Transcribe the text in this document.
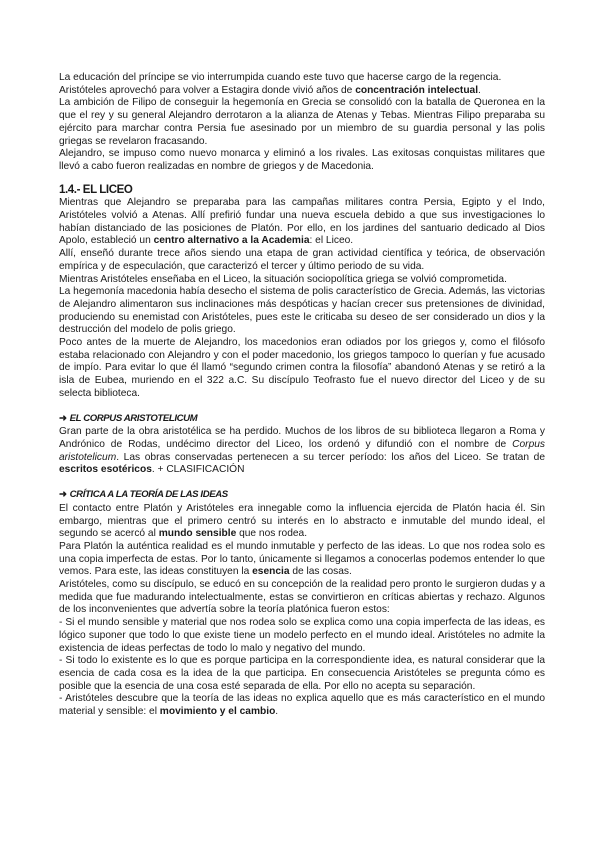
La educación del príncipe se vio interrumpida cuando este tuvo que hacerse cargo de la regencia.

Aristóteles aprovechó para volver a Estagira donde vivió años de concentración intelectual.

La ambición de Filipo de conseguir la hegemonía en Grecia se consolidó con la batalla de Queronea en la que el rey y su general Alejandro derrotaron a la alianza de Atenas y Tebas. Mientras Filipo preparaba su ejército para marchar contra Persia fue asesinado por un miembro de su guardia personal y las polis griegas se revelaron fracasando.

Alejandro, se impuso como nuevo monarca y eliminó a los rivales. Las exitosas conquistas militares que llevó a cabo fueron realizadas en nombre de griegos y de Macedonia.

1.4.- EL LICEO

Mientras que Alejandro se preparaba para las campañas militares contra Persia, Egipto y el Indo, Aristóteles volvió a Atenas. Allí prefirió fundar una nueva escuela debido a que sus investigaciones lo habían distanciado de las posiciones de Platón. Por ello, en los jardines del santuario dedicado al Dios Apolo, estableció un centro alternativo a la Academia: el Liceo.

Allí, enseñó durante trece años siendo una etapa de gran actividad científica y teórica, de observación empírica y de especulación, que caracterizó el tercer y último periodo de su vida.

Mientras Aristóteles enseñaba en el Liceo, la situación sociopolítica griega se volvió comprometida.

La hegemonía macedonia había desecho el sistema de polis característico de Grecia. Además, las victorias de Alejandro alimentaron sus inclinaciones más despóticas y hacían crecer sus pretensiones de divinidad, produciendo su enemistad con Aristóteles, pues este le criticaba su deseo de ser considerado un dios y la destrucción del modelo de polis griego.

Poco antes de la muerte de Alejandro, los macedonios eran odiados por los griegos y, como el filósofo estaba relacionado con Alejandro y con el poder macedonio, los griegos tampoco lo querían y fue acusado de impío. Para evitar lo que él llamó “segundo crimen contra la filosofía” abandonó Atenas y se retiró a la isla de Eubea, muriendo en el 322 a.C. Su discípulo Teofrasto fue el nuevo director del Liceo y de su selecta biblioteca.

➜ EL CORPUS ARISTOTELICUM

Gran parte de la obra aristotélica se ha perdido. Muchos de los libros de su biblioteca llegaron a Roma y Andrónico de Rodas, undécimo director del Liceo, los ordenó y difundió con el nombre de Corpus aristotelicum. Las obras conservadas pertenecen a su tercer período: los años del Liceo. Se tratan de escritos esotéricos. + CLASIFICACIÓN

➜ CRÍTICA A LA TEORÍA DE LAS IDEAS

El contacto entre Platón y Aristóteles era innegable como la influencia ejercida de Platón hacia él. Sin embargo, mientras que el primero centró su interés en lo abstracto e inmutable del mundo ideal, el segundo se acercó al mundo sensible que nos rodea.

Para Platón la auténtica realidad es el mundo inmutable y perfecto de las ideas. Lo que nos rodea solo es una copia imperfecta de estas. Por lo tanto, únicamente si llegamos a conocerlas podemos entender lo que vemos. Para este, las ideas constituyen la esencia de las cosas.

Aristóteles, como su discípulo, se educó en su concepción de la realidad pero pronto le surgieron dudas y a medida que fue madurando intelectualmente, estas se convirtieron en críticas abiertas y rechazo. Algunos de los inconvenientes que advertía sobre la teoría platónica fueron estos:

- Si el mundo sensible y material que nos rodea solo se explica como una copia imperfecta de las ideas, es lógico suponer que todo lo que existe tiene un modelo perfecto en el mundo ideal. Aristóteles no admite la existencia de ideas perfectas de todo lo malo y negativo del mundo.

- Si todo lo existente es lo que es porque participa en la correspondiente idea, es natural considerar que la esencia de cada cosa es la idea de la que participa. En consecuencia Aristóteles se pregunta cómo es posible que la esencia de una cosa esté separada de ella. Por ello no acepta su separación.

- Aristóteles descubre que la teoría de las ideas no explica aquello que es más característico en el mundo material y sensible: el movimiento y el cambio.
